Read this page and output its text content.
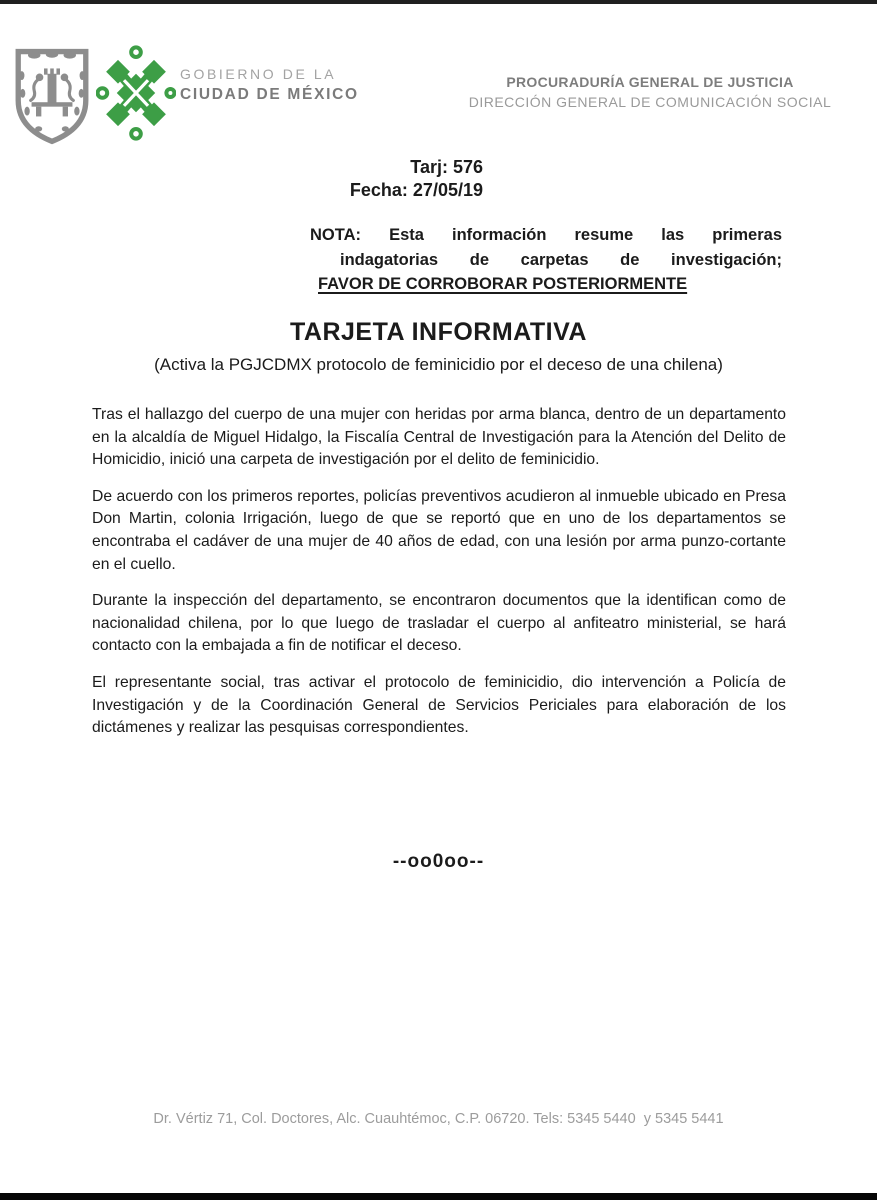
GOBIERNO DE LA
CIUDAD DE MÉXICO
PROCURADURÍA GENERAL DE JUSTICIA
DIRECCIÓN GENERAL DE COMUNICACIÓN SOCIAL
Tarj: 576
Fecha: 27/05/19
NOTA: Esta información resume las primeras
indagatorias de carpetas de investigación;
FAVOR DE CORROBORAR POSTERIORMENTE
TARJETA INFORMATIVA
(Activa la PGJCDMX protocolo de feminicidio por el deceso de una chilena)

Tras el hallazgo del cuerpo de una mujer con heridas por arma blanca, dentro de un departamento en la alcaldía de Miguel Hidalgo, la Fiscalía Central de Investigación para la Atención del Delito de Homicidio, inició una carpeta de investigación por el delito de feminicidio.

De acuerdo con los primeros reportes, policías preventivos acudieron al inmueble ubicado en Presa Don Martin, colonia Irrigación, luego de que se reportó que en uno de los departamentos se encontraba el cadáver de una mujer de 40 años de edad, con una lesión por arma punzo-cortante en el cuello.

Durante la inspección del departamento, se encontraron documentos que la identifican como de nacionalidad chilena, por lo que luego de trasladar el cuerpo al anfiteatro ministerial, se hará contacto con la embajada a fin de notificar el deceso.

El representante social, tras activar el protocolo de feminicidio, dio intervención a Policía de Investigación y de la Coordinación General de Servicios Periciales para elaboración de los dictámenes y realizar las pesquisas correspondientes.

--oo0oo--
Dr. Vértiz 71, Col. Doctores, Alc. Cuauhtémoc, C.P. 06720. Tels: 5345 5440  y 5345 5441
